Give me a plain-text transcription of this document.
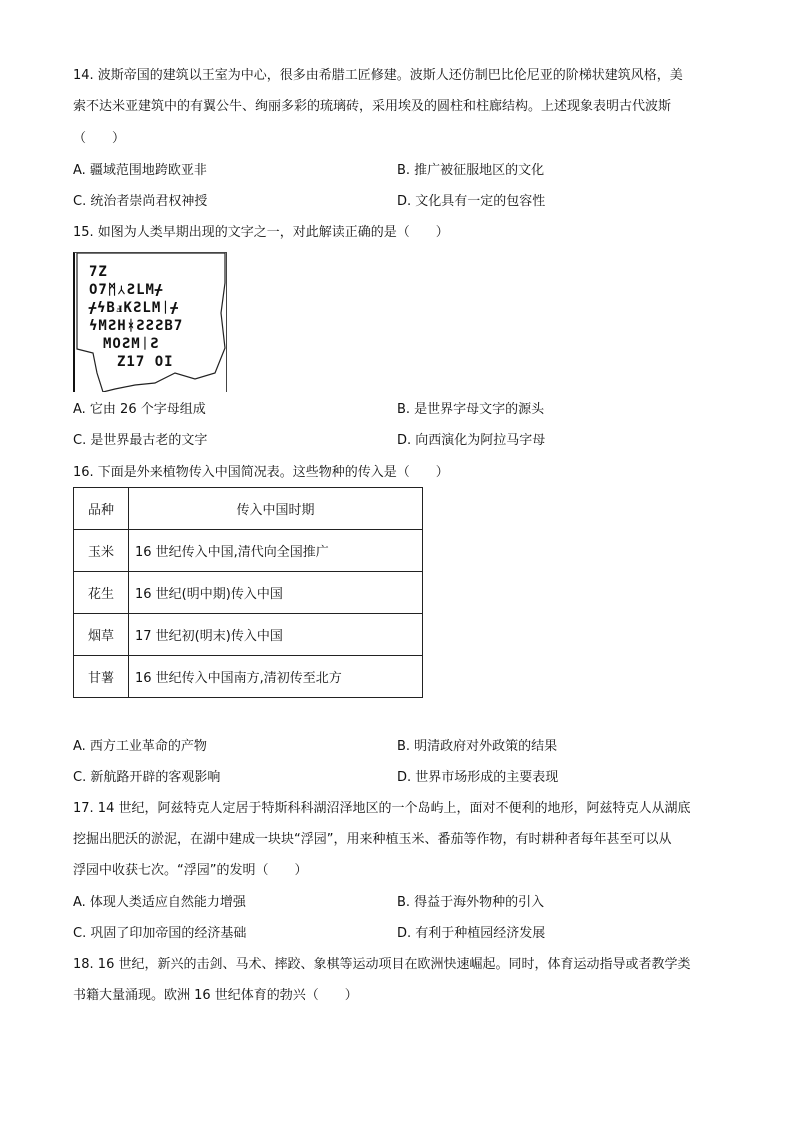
14. 波斯帝国的建筑以王室为中心，很多由希腊工匠修建。波斯人还仿制巴比伦尼亚的阶梯状建筑风格，美
索不达米亚建筑中的有翼公牛、绚丽多彩的琉璃砖，采用埃及的圆柱和柱廊结构。上述现象表明古代波斯
（　　）
A. 疆域范围地跨欧亚非	B. 推广被征服地区的文化
C. 统治者崇尚君权神授	D. 文化具有一定的包容性
15. 如图为人类早期出现的文字之一，对此解读正确的是（　　）
7Z
O7ᛗ⅄ƧLMᚋ
ᚋϟBⅎKƧLMᛁᚋ
ϟMƧHᚼƧƧƧB7
MOƧMᛁƧ
Z17 OI
A. 它由 26 个字母组成	B. 是世界字母文字的源头
C. 是世界最古老的文字	D. 向西演化为阿拉马字母
16. 下面是外来植物传入中国简况表。这些物种的传入是（　　）
品种	传入中国时期
玉米	16 世纪传入中国,清代向全国推广
花生	16 世纪(明中期)传入中国
烟草	17 世纪初(明末)传入中国
甘薯	16 世纪传入中国南方,清初传至北方
A. 西方工业革命的产物	B. 明清政府对外政策的结果
C. 新航路开辟的客观影响	D. 世界市场形成的主要表现
17. 14 世纪，阿兹特克人定居于特斯科科湖沼泽地区的一个岛屿上，面对不便利的地形，阿兹特克人从湖底
挖掘出肥沃的淤泥，在湖中建成一块块“浮园”，用来种植玉米、番茄等作物，有时耕种者每年甚至可以从
浮园中收获七次。“浮园”的发明（　　）
A. 体现人类适应自然能力增强	B. 得益于海外物种的引入
C. 巩固了印加帝国的经济基础	D. 有利于种植园经济发展
18. 16 世纪，新兴的击剑、马术、摔跤、象棋等运动项目在欧洲快速崛起。同时，体育运动指导或者教学类
书籍大量涌现。欧洲 16 世纪体育的勃兴（　　）
